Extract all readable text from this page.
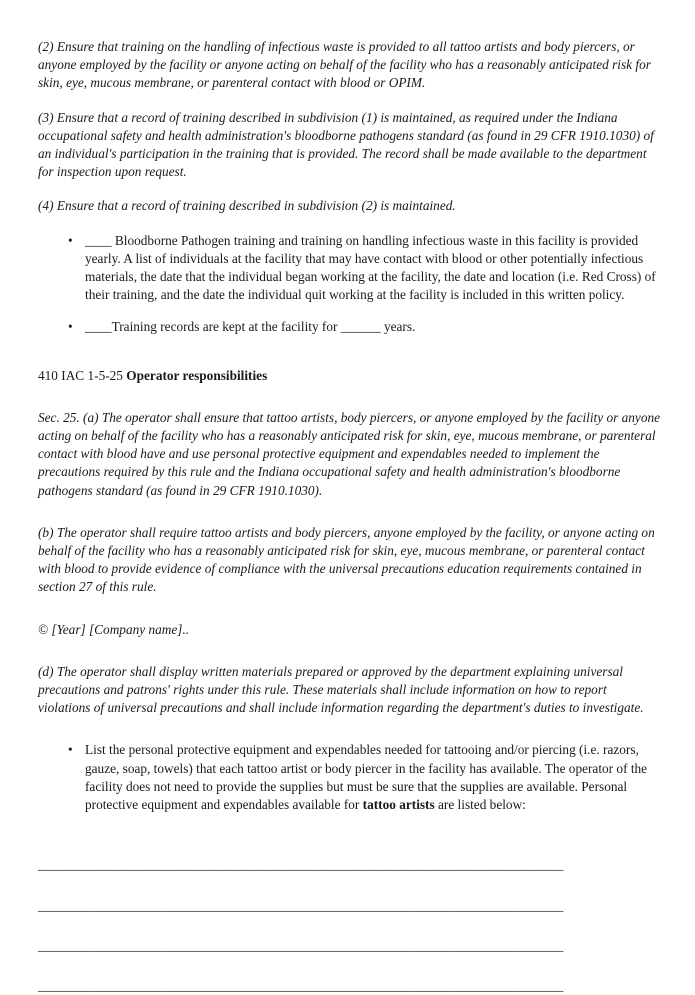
(2) Ensure that training on the handling of infectious waste is provided to all tattoo artists and body piercers, or anyone employed by the facility or anyone acting on behalf of the facility who has a reasonably anticipated risk for skin, eye, mucous membrane, or parenteral contact with blood or OPIM.

(3) Ensure that a record of training described in subdivision (1) is maintained, as required under the Indiana occupational safety and health administration's bloodborne pathogens standard (as found in 29 CFR 1910.1030) of an individual's participation in the training that is provided. The record shall be made available to the department for inspection upon request.

(4) Ensure that a record of training described in subdivision (2) is maintained.

• ____ Bloodborne Pathogen training and training on handling infectious waste in this facility is provided yearly. A list of individuals at the facility that may have contact with blood or other potentially infectious materials, the date that the individual began working at the facility, the date and location (i.e. Red Cross) of their training, and the date the individual quit working at the facility is included in this written policy.
• ____Training records are kept at the facility for ______ years.

410 IAC 1-5-25 Operator responsibilities

Sec. 25. (a) The operator shall ensure that tattoo artists, body piercers, or anyone employed by the facility or anyone acting on behalf of the facility who has a reasonably anticipated risk for skin, eye, mucous membrane, or parenteral contact with blood have and use personal protective equipment and expendables needed to implement the precautions required by this rule and the Indiana occupational safety and health administration's bloodborne pathogens standard (as found in 29 CFR 1910.1030).

(b) The operator shall require tattoo artists and body piercers, anyone employed by the facility, or anyone acting on behalf of the facility who has a reasonably anticipated risk for skin, eye, mucous membrane, or parenteral contact with blood to provide evidence of compliance with the universal precautions education requirements contained in section 27 of this rule.

© [Year] [Company name]..

(d) The operator shall display written materials prepared or approved by the department explaining universal precautions and patrons' rights under this rule. These materials shall include information on how to report violations of universal precautions and shall include information regarding the department's duties to investigate.

• List the personal protective equipment and expendables needed for tattooing and/or piercing (i.e. razors, gauze, soap, towels) that each tattoo artist or body piercer in the facility has available. The operator of the facility does not need to provide the supplies but must be sure that the supplies are available. Personal protective equipment and expendables available for tattoo artists are listed below:
_______________________________________________________________________________
_______________________________________________________________________________
_______________________________________________________________________________
_______________________________________________________________________________
